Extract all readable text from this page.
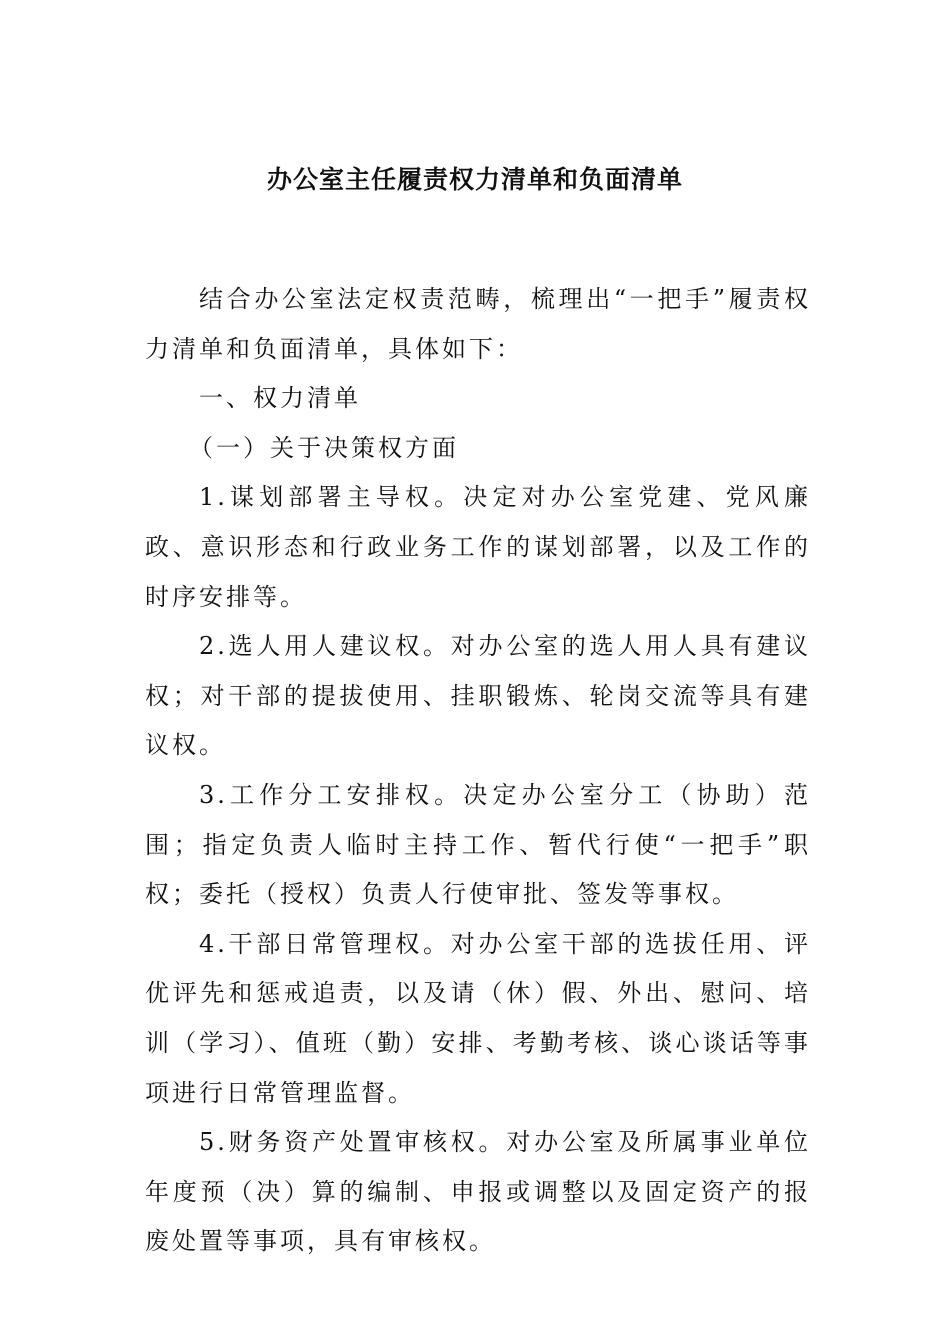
办公室主任履责权力清单和负面清单

结合办公室法定权责范畴，梳理出“一把手”履责权力清单和负面清单，具体如下：

一、权力清单

（一）关于决策权方面

1.谋划部署主导权。决定对办公室党建、党风廉政、意识形态和行政业务工作的谋划部署，以及工作的时序安排等。

2.选人用人建议权。对办公室的选人用人具有建议权；对干部的提拔使用、挂职锻炼、轮岗交流等具有建议权。

3.工作分工安排权。决定办公室分工（协助）范围；指定负责人临时主持工作、暂代行使“一把手”职权；委托（授权）负责人行使审批、签发等事权。

4.干部日常管理权。对办公室干部的选拔任用、评优评先和惩戒追责，以及请（休）假、外出、慰问、培训（学习）、值班（勤）安排、考勤考核、谈心谈话等事项进行日常管理监督。

5.财务资产处置审核权。对办公室及所属事业单位年度预（决）算的编制、申报或调整以及固定资产的报废处置等事项，具有审核权。
